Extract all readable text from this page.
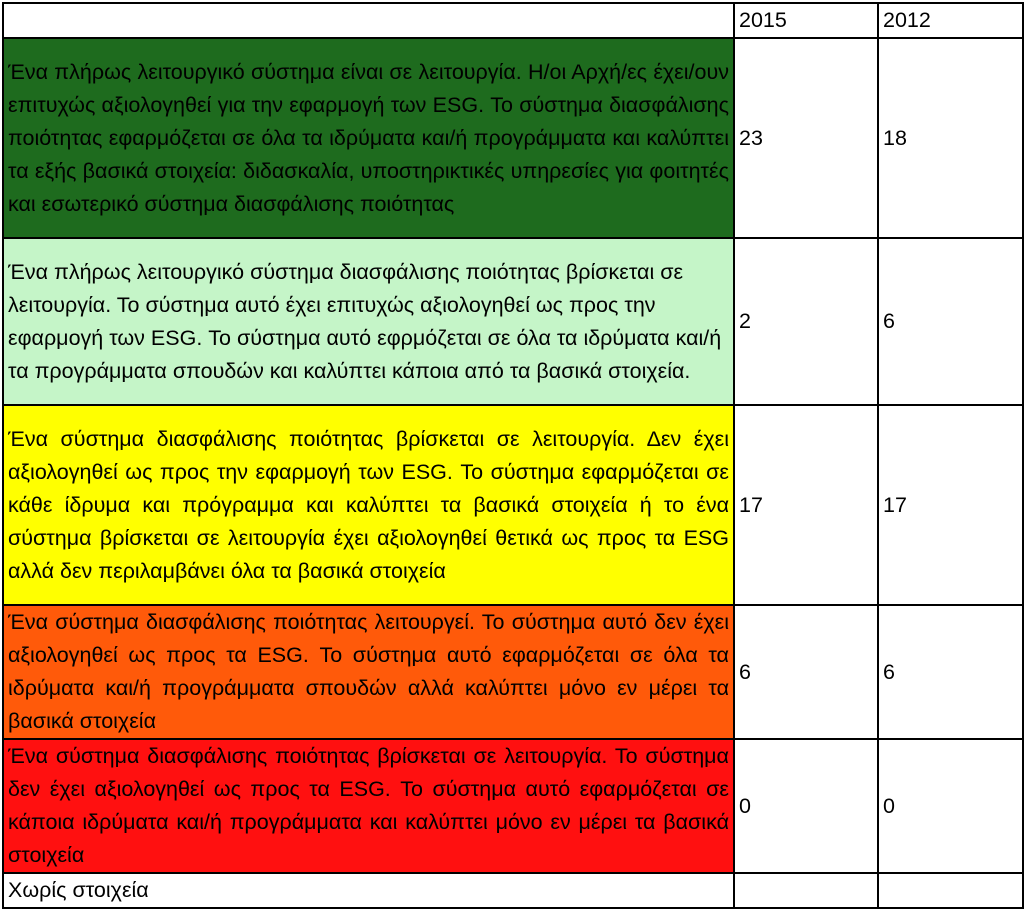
	2015	2012
Ένα πλήρως λειτουργικό σύστημα είναι σε λειτουργία. Η/οι Αρχή/ες έχει/ουν επιτυχώς αξιολογηθεί για την εφαρμογή των ESG. Το σύστημα διασφάλισης ποιότητας εφαρμόζεται σε όλα τα ιδρύματα και/ή προγράμματα και καλύπτει τα εξής βασικά στοιχεία: διδασκαλία, υποστηρικτικές υπηρεσίες για φοιτητές και εσωτερικό σύστημα διασφάλισης ποιότητας	23	18
Ένα πλήρως λειτουργικό σύστημα διασφάλισης ποιότητας βρίσκεται σε λειτουργία. Το σύστημα αυτό έχει επιτυχώς αξιολογηθεί ως προς την εφαρμογή των ESG. Το σύστημα αυτό εφρμόζεται σε όλα τα ιδρύματα και/ή τα προγράμματα σπουδών και καλύπτει κάποια από τα βασικά στοιχεία.	2	6
Ένα σύστημα διασφάλισης ποιότητας βρίσκεται σε λειτουργία. Δεν έχει αξιολογηθεί ως προς την εφαρμογή των ESG. Το σύστημα εφαρμόζεται σε κάθε ίδρυμα και πρόγραμμα και καλύπτει τα βασικά στοιχεία ή το ένα σύστημα βρίσκεται σε λειτουργία έχει αξιολογηθεί θετικά ως προς τα ESG αλλά δεν περιλαμβάνει όλα τα βασικά στοιχεία	17	17
Ένα σύστημα διασφάλισης ποιότητας λειτουργεί. Το σύστημα αυτό δεν έχει αξιολογηθεί ως προς τα ESG. Το σύστημα αυτό εφαρμόζεται σε όλα τα ιδρύματα και/ή προγράμματα σπουδών αλλά καλύπτει μόνο εν μέρει τα βασικά στοιχεία	6	6
Ένα σύστημα διασφάλισης ποιότητας βρίσκεται σε λειτουργία. Το σύστημα δεν έχει αξιολογηθεί ως προς τα ESG. Το σύστημα αυτό εφαρμόζεται σε κάποια ιδρύματα και/ή προγράμματα και καλύπτει μόνο εν μέρει τα βασικά στοιχεία	0	0
Χωρίς στοιχεία		
